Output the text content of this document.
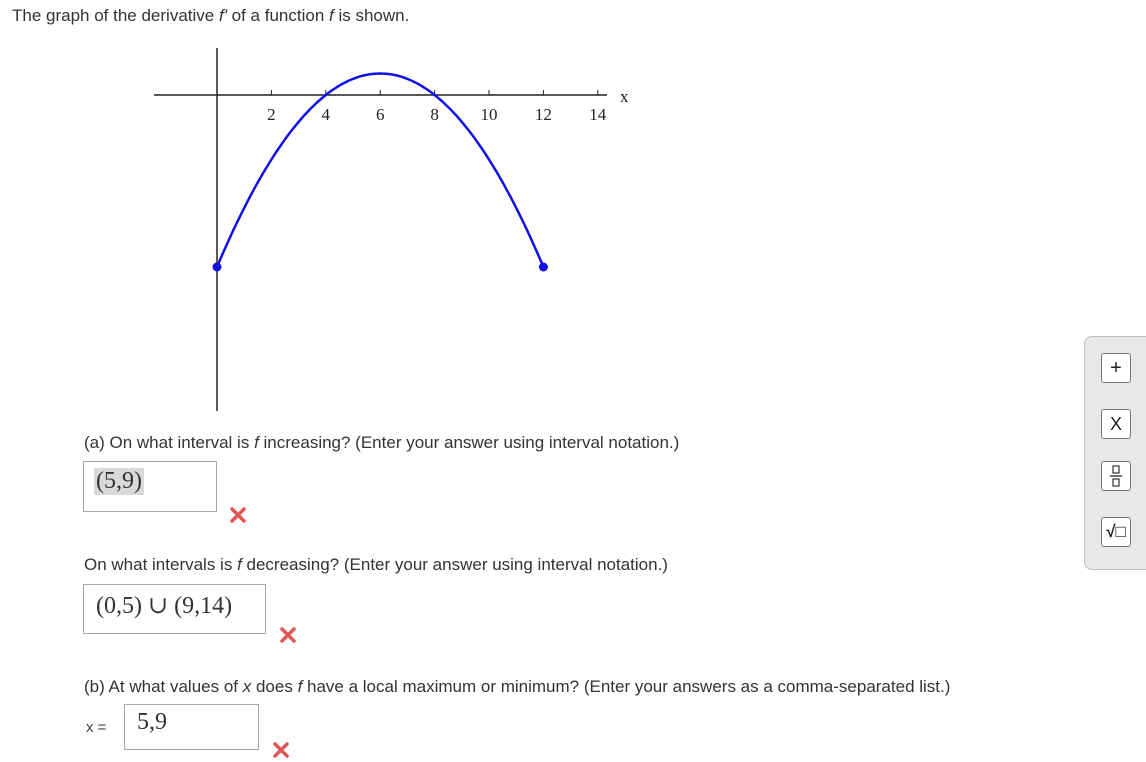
The graph of the derivative f' of a function f is shown.
2	4	6	8 10 12 14
x
(a) On what interval is f increasing? (Enter your answer using interval notation.)
(5,9)
On what intervals is f decreasing? (Enter your answer using interval notation.)
(0,5) ∪ (9,14)
(b) At what values of x does f have a local maximum or minimum? (Enter your answers as a comma-separated list.)
x = 5,9
+
X
√□
